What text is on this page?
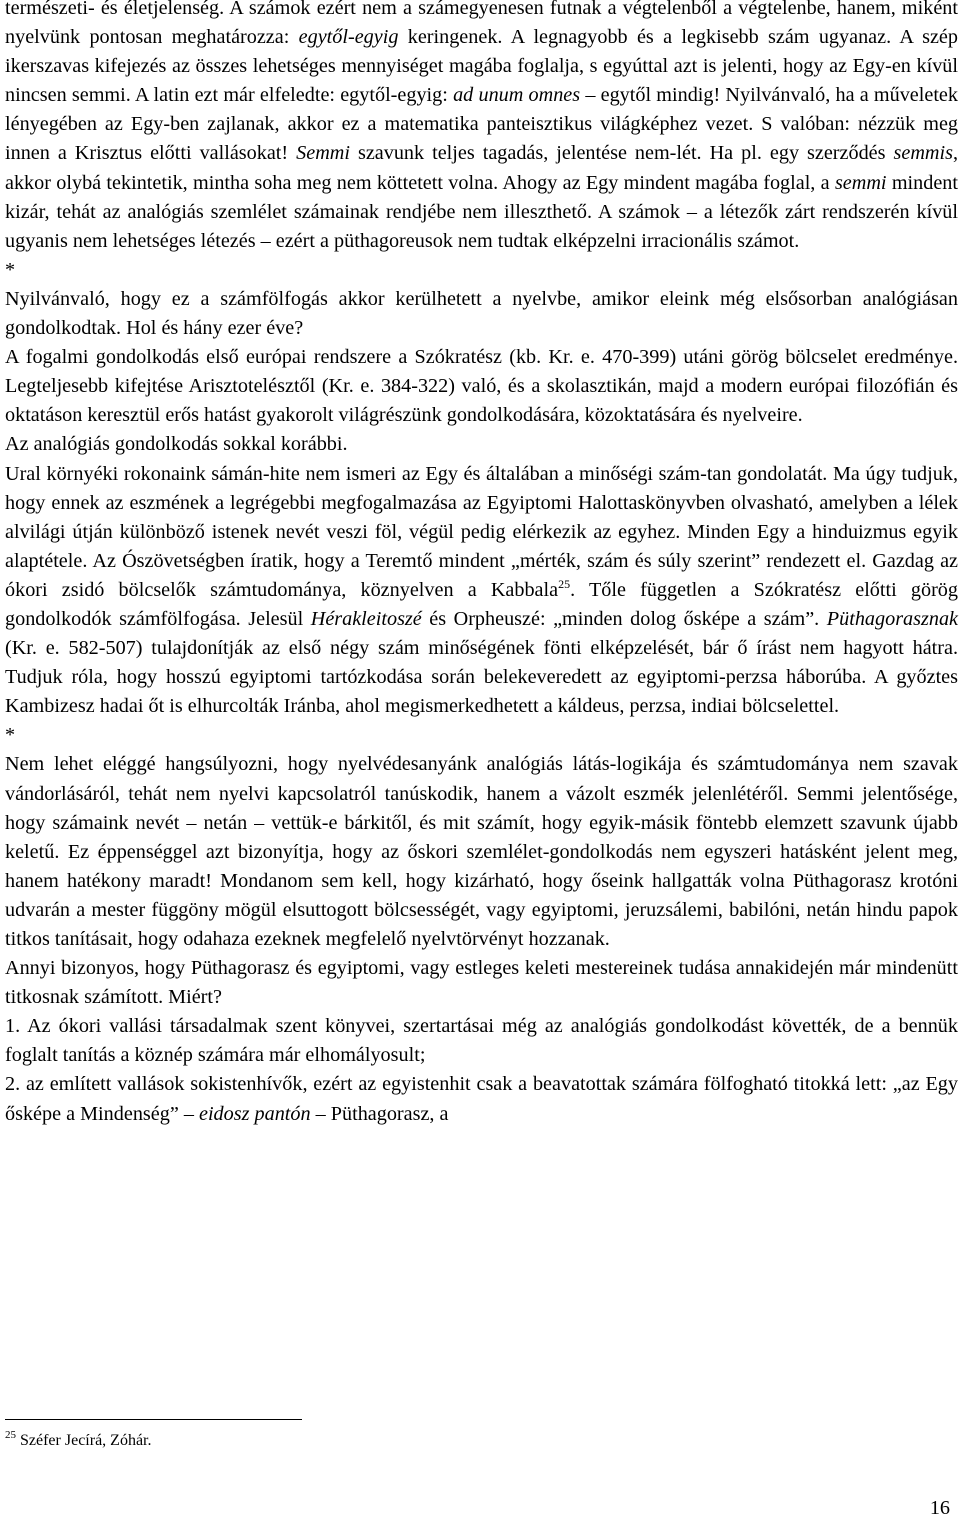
természeti- és életjelenség. A számok ezért nem a számegyenesen futnak a végtelenből a végtelenbe, hanem, miként nyelvünk pontosan meghatározza: egytől-egyig keringenek. A legnagyobb és a legkisebb szám ugyanaz. A szép ikerszavas kifejezés az összes lehetséges mennyiséget magába foglalja, s egyúttal azt is jelenti, hogy az Egy-en kívül nincsen semmi. A latin ezt már elfeledte: egytől-egyig: ad unum omnes – egytől mindig! Nyilvánvaló, ha a műveletek lényegében az Egy-ben zajlanak, akkor ez a matematika panteisztikus világképhez vezet. S valóban: nézzük meg innen a Krisztus előtti vallásokat! Semmi szavunk teljes tagadás, jelentése nem-lét. Ha pl. egy szerződés semmis, akkor olybá tekintetik, mintha soha meg nem köttetett volna. Ahogy az Egy mindent magába foglal, a semmi mindent kizár, tehát az analógiás szemlélet számainak rendjébe nem illeszthető. A számok – a létezők zárt rendszerén kívül ugyanis nem lehetséges létezés – ezért a püthagoreusok nem tudtak elképzelni irracionális számot.

*

Nyilvánvaló, hogy ez a számfölfogás akkor kerülhetett a nyelvbe, amikor eleink még elsősorban analógiásan gondolkodtak. Hol és hány ezer éve?

A fogalmi gondolkodás első európai rendszere a Szókratész (kb. Kr. e. 470-399) utáni görög bölcselet eredménye. Legteljesebb kifejtése Arisztotelésztől (Kr. e. 384-322) való, és a skolasztikán, majd a modern európai filozófián és oktatáson keresztül erős hatást gyakorolt világrészünk gondolkodására, közoktatására és nyelveire.

Az analógiás gondolkodás sokkal korábbi.

Ural környéki rokonaink sámán-hite nem ismeri az Egy és általában a minőségi szám-tan gondolatát. Ma úgy tudjuk, hogy ennek az eszmének a legrégebbi megfogalmazása az Egyiptomi Halottaskönyvben olvasható, amelyben a lélek alvilági útján különböző istenek nevét veszi föl, végül pedig elérkezik az egyhez. Minden Egy a hinduizmus egyik alaptétele. Az Ószövetségben íratik, hogy a Teremtő mindent „mérték, szám és súly szerint” rendezett el. Gazdag az ókori zsidó bölcselők számtudománya, köznyelven a Kabbala$^{25}$. Tőle független a Szókratész előtti görög gondolkodók számfölfogása. Jelesül Hérakleitoszé és Orpheuszé: „minden dolog ősképe a szám”. Püthagorasznak (Kr. e. 582-507) tulajdonítják az első négy szám minőségének fönti elképzelését, bár ő írást nem hagyott hátra. Tudjuk róla, hogy hosszú egyiptomi tartózkodása során belekeveredett az egyiptomi-perzsa háborúba. A győztes Kambizesz hadai őt is elhurcolták Iránba, ahol megismerkedhetett a káldeus, perzsa, indiai bölcselettel.

*

Nem lehet eléggé hangsúlyozni, hogy nyelvédesanyánk analógiás látás-logikája és számtudománya nem szavak vándorlásáról, tehát nem nyelvi kapcsolatról tanúskodik, hanem a vázolt eszmék jelenlétéről. Semmi jelentősége, hogy számaink nevét – netán – vettük-e bárkitől, és mit számít, hogy egyik-másik föntebb elemzett szavunk újabb keletű. Ez éppenséggel azt bizonyítja, hogy az őskori szemlélet-gondolkodás nem egyszeri hatásként jelent meg, hanem hatékony maradt! Mondanom sem kell, hogy kizárható, hogy őseink hallgatták volna Püthagorasz krotóni udvarán a mester függöny mögül elsuttogott bölcsességét, vagy egyiptomi, jeruzsálemi, babilóni, netán hindu papok titkos tanításait, hogy odahaza ezeknek megfelelő nyelvtörvényt hozzanak.

Annyi bizonyos, hogy Püthagorasz és egyiptomi, vagy estleges keleti mestereinek tudása annakidején már mindenütt titkosnak számított. Miért?

1. Az ókori vallási társadalmak szent könyvei, szertartásai még az analógiás gondolkodást követték, de a bennük foglalt tanítás a köznép számára már elhomályosult;

2. az említett vallások sokistenhívők, ezért az egyistenhit csak a beavatottak számára fölfogható titokká lett: „az Egy ősképe a Mindenség” – eidosz pantón – Püthagorasz, a

$^{25}$ Széfer Jecírá, Zóhár.
16
